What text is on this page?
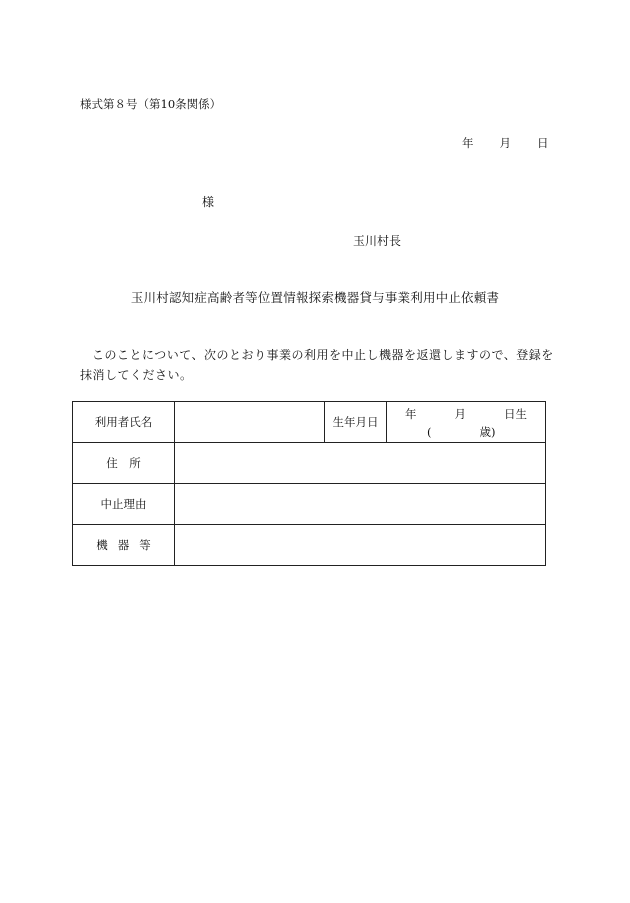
様式第８号（第10条関係）
年 月 日
様
玉川村長
玉川村認知症高齢者等位置情報探索機器貸与事業利用中止依頼書
このことについて、次のとおり事業の利用を中止し機器を返還しますので、登録を抹消してください。
利用者氏名		生年月日	年 月 日生
( 歳)

住　所			
中止理由			
機器等			
